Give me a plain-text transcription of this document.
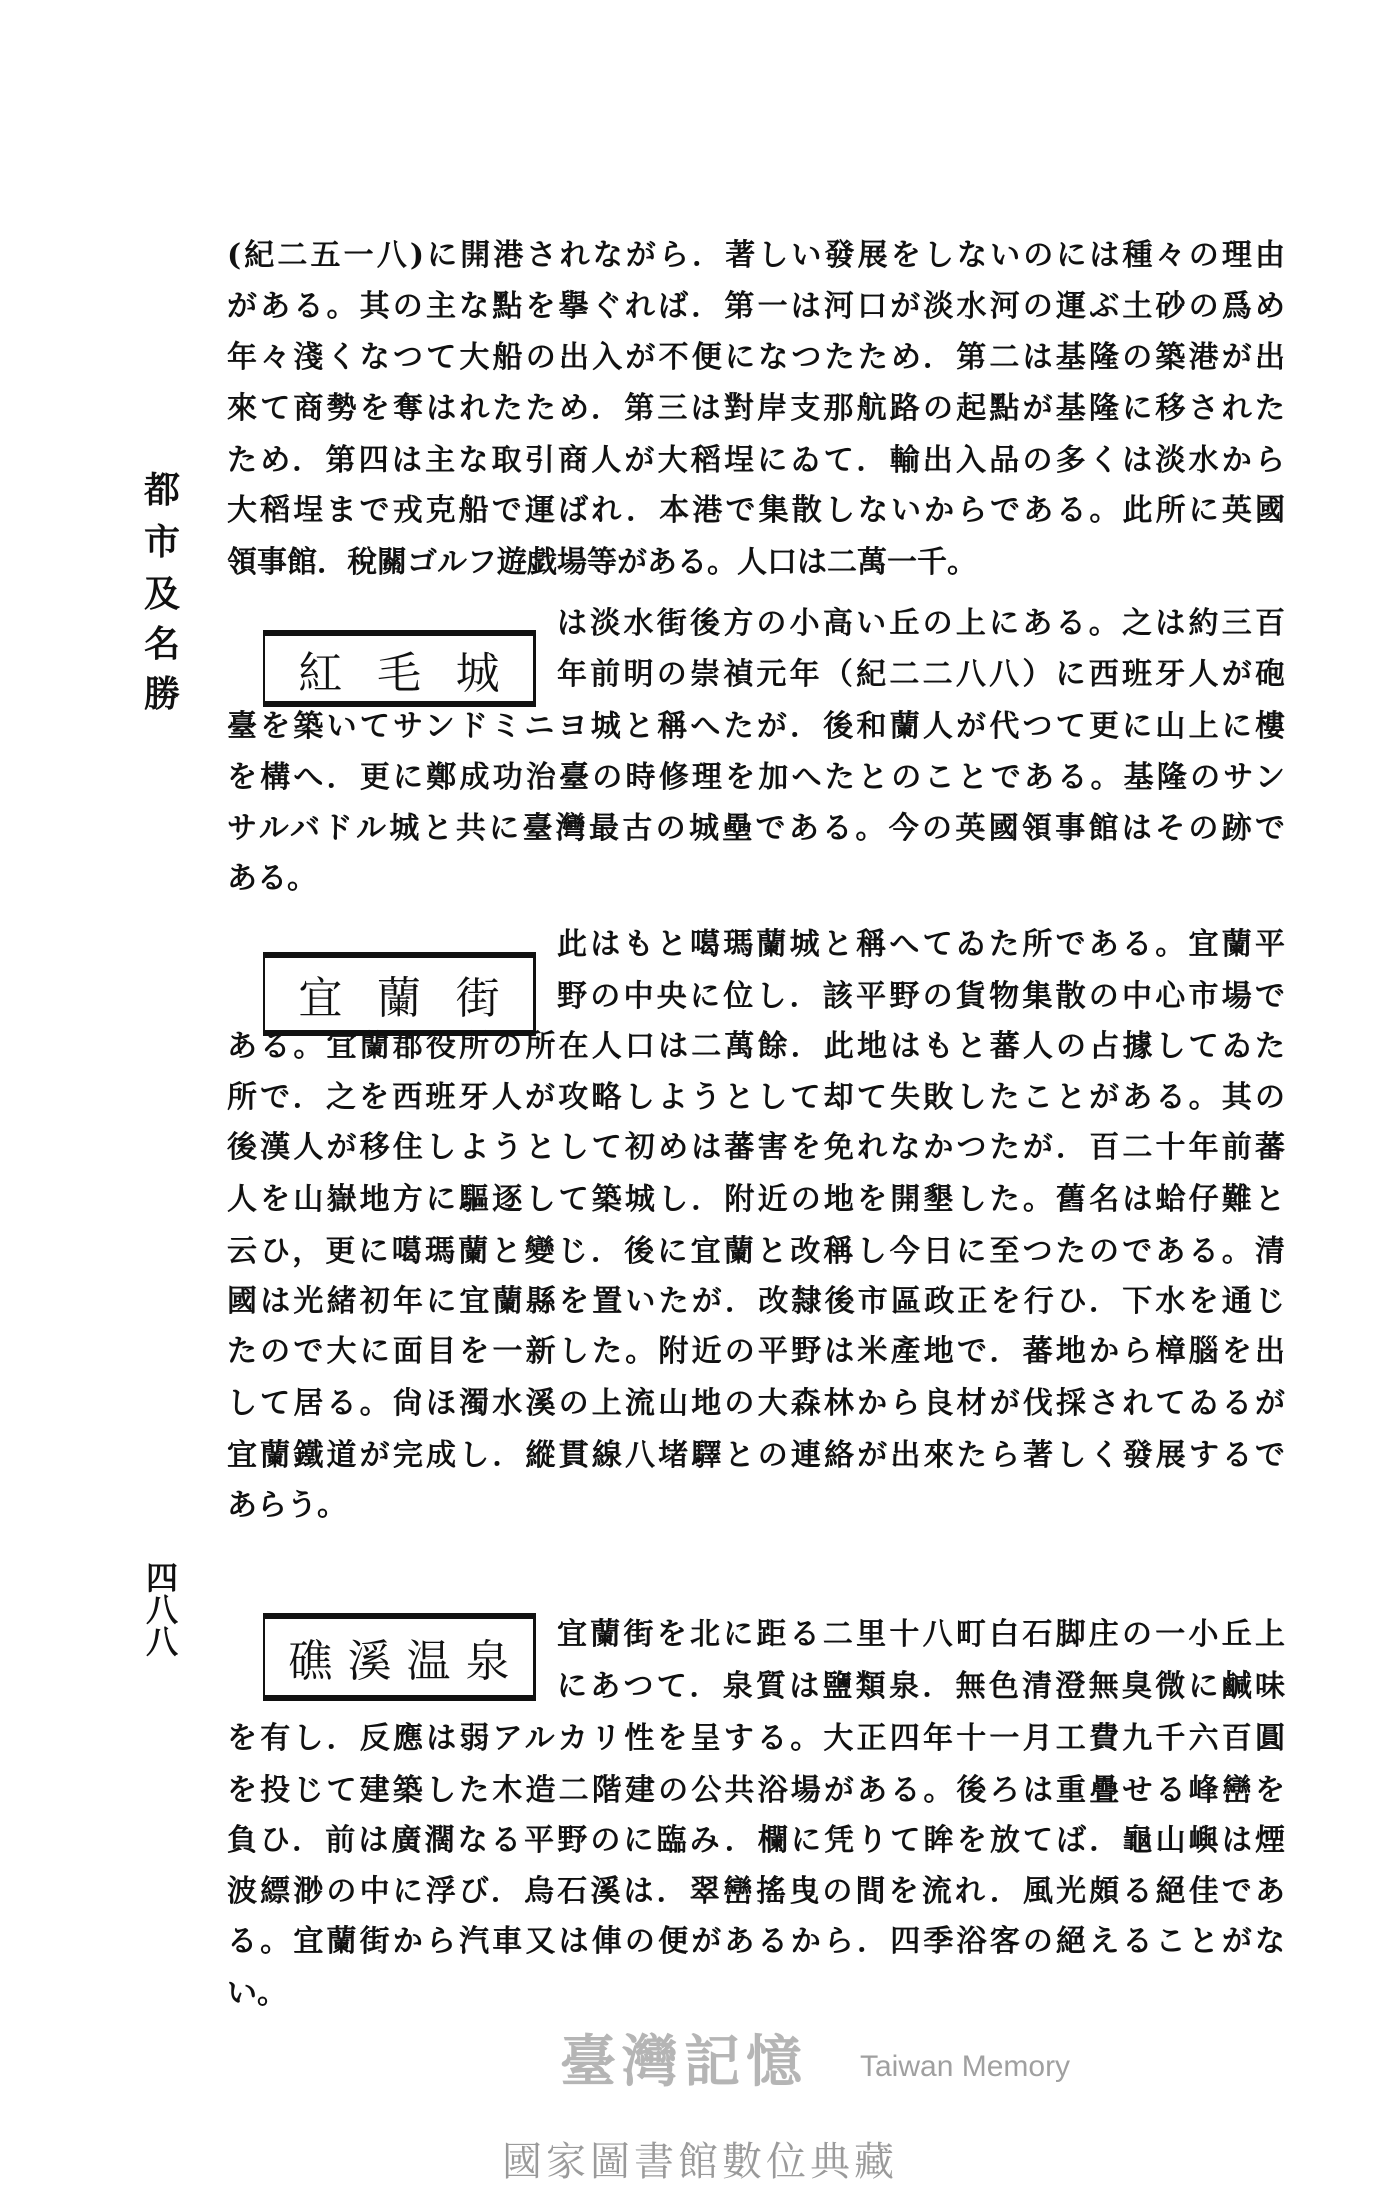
都
市
及
名
勝
四
八
八
(紀二五一八)に開港されながら．著しい發展をしないのには種々の理由
がある。其の主な點を擧ぐれば．第一は河口が淡水河の運ぶ土砂の爲め
年々淺くなつて大船の出入が不便になつたため．第二は基隆の築港が出
來て商勢を奪はれたため．第三は對岸支那航路の起點が基隆に移された
ため．第四は主な取引商人が大稻埕にゐて．輸出入品の多くは淡水から
大稻埕まで戎克船で運ばれ．本港で集散しないからである。此所に英國
領事館．稅關ゴルフ遊戯場等がある。人口は二萬一千。
紅 毛 城
は淡水街後方の小高い丘の上にある。之は約三百
年前明の崇禎元年（紀二二八八）に西班牙人が砲
臺を築いてサンドミニヨ城と稱へたが．後和蘭人が代つて更に山上に樓
を構へ．更に鄭成功治臺の時修理を加へたとのことである。基隆のサン
サルバドル城と共に臺灣最古の城壘である。今の英國領事館はその跡で
ある。
宜 蘭 街
此はもと噶瑪蘭城と稱へてゐた所である。宜蘭平
野の中央に位し．該平野の貨物集散の中心市場で
ある。宜蘭郡役所の所在人口は二萬餘．此地はもと蕃人の占據してゐた
所で．之を西班牙人が攻略しようとして却て失敗したことがある。其の
後漢人が移住しようとして初めは蕃害を免れなかつたが．百二十年前蕃
人を山嶽地方に驅逐して築城し．附近の地を開墾した。舊名は蛤仔難と
云ひ，更に噶瑪蘭と變じ．後に宜蘭と改稱し今日に至つたのである。清
國は光緒初年に宜蘭縣を置いたが．改隸後市區政正を行ひ．下水を通じ
たので大に面目を一新した。附近の平野は米產地で．蕃地から樟腦を出
して居る。尙ほ濁水溪の上流山地の大森林から良材が伐採されてゐるが
宜蘭鐵道が完成し．縱貫線八堵驛との連絡が出來たら著しく發展するで
あらう。
礁 溪 温 泉
宜蘭街を北に距る二里十八町白石脚庄の一小丘上
にあつて．泉質は鹽類泉．無色清澄無臭微に鹹味
を有し．反應は弱アルカリ性を呈する。大正四年十一月工費九千六百圓
を投じて建築した木造二階建の公共浴場がある。後ろは重疊せる峰巒を
負ひ．前は廣濶なる平野のに臨み．欄に凭りて眸を放てば．龜山嶼は煙
波縹渺の中に浮び．烏石溪は．翠巒搖曳の間を流れ．風光頗る絕佳であ
る。宜蘭街から汽車又は俥の便があるから．四季浴客の絕えることがな
い。
臺灣記憶 Taiwan Memory
國家圖書館數位典藏
